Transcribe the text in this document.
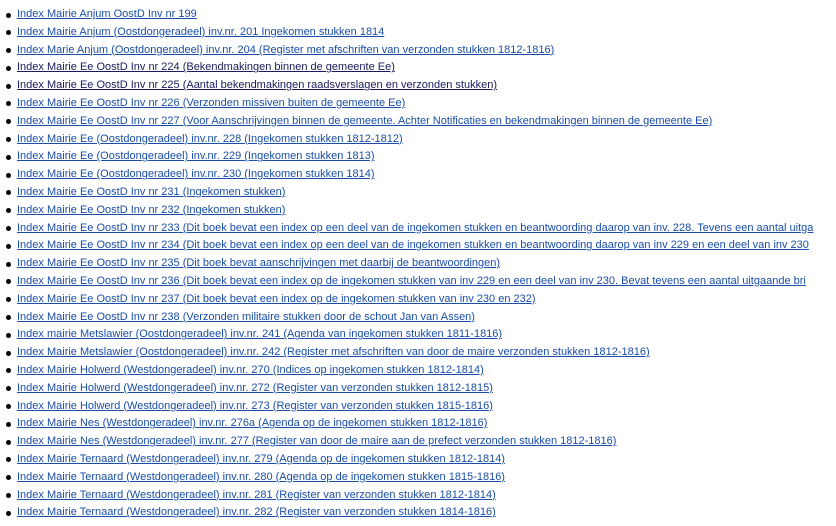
Index Mairie Anjum OostD Inv nr 199
Index Mairie Anjum (Oostdongeradeel) inv.nr. 201 Ingekomen stukken 1814
Index Marie Anjum (Oostdongeradeel) inv.nr. 204 (Register met afschriften van verzonden stukken 1812-1816)
Index Mairie Ee OostD Inv nr 224 (Bekendmakingen binnen de gemeente Ee)
Index Mairie Ee OostD Inv nr 225 (Aantal bekendmakingen raadsverslagen en verzonden stukken)
Index Mairie Ee OostD Inv nr 226 (Verzonden missiven buiten de gemeente Ee)
Index Mairie Ee OostD Inv nr 227 (Voor Aanschrijvingen binnen de gemeente. Achter Notificaties en bekendmakingen binnen de gemeente Ee)
Index Mairie Ee (Oostdongeradeel) inv.nr. 228 (Ingekomen stukken 1812-1812)
Index Mairie Ee (Oostdongeradeel) inv.nr. 229 (Ingekomen stukken 1813)
Index Mairie Ee (Oostdongeradeel) inv.nr. 230 (Ingekomen stukken 1814)
Index Mairie Ee OostD Inv nr 231 (Ingekomen stukken)
Index Mairie Ee OostD Inv nr 232 (Ingekomen stukken)
Index Mairie Ee OostD Inv nr 233 (Dit boek bevat een index op een deel van de ingekomen stukken en beantwoording daarop van inv. 228. Tevens een aantal uitga
Index Mairie Ee OostD Inv nr 234 (Dit boek bevat een index op een deel van de ingekomen stukken en beantwoording daarop van inv 229 en een deel van inv 230
Index Mairie Ee OostD Inv nr 235 (Dit boek bevat aanschrijvingen met daarbij de beantwoordingen)
Index Mairie Ee OostD Inv nr 236 (Dit boek bevat een index op de ingekomen stukken van inv 229 en een deel van inv 230. Bevat tevens een aantal uitgaande bri
Index Mairie Ee OostD Inv nr 237 (Dit boek bevat een index op de ingekomen stukken van inv 230 en 232)
Index Mairie Ee OostD Inv nr 238 (Verzonden militaire stukken door de schout Jan van Assen)
Index mairie Metslawier (Oostdongeradeel) inv.nr. 241 (Agenda van ingekomen stukken 1811-1816)
Index Mairie Metslawier (Oostdongeradeel) inv.nr. 242 (Register met afschriften van door de maire verzonden stukken 1812-1816)
Index Mairie Holwerd (Westdongeradeel) inv.nr. 270 (Indices op ingekomen stukken 1812-1814)
Index Mairie Holwerd (Westdongeradeel) inv.nr. 272 (Register van verzonden stukken 1812-1815)
Index Mairie Holwerd (Westdongeradeel) inv.nr. 273 (Register van verzonden stukken 1815-1816)
Index Mairie Nes (Westdongeradeel) inv.nr. 276a (Agenda op de ingekomen stukken 1812-1816)
Index Mairie Nes (Westdongeradeel) inv.nr. 277 (Register van door de maire aan de prefect verzonden stukken 1812-1816)
Index Mairie Ternaard (Westdongeradeel) inv.nr. 279 (Agenda op de ingekomen stukken 1812-1814)
Index Mairie Ternaard (Westdongeradeel) inv.nr. 280 (Agenda op de ingekomen stukken 1815-1816)
Index Mairie Ternaard (Westdongeradeel) inv.nr. 281 (Register van verzonden stukken 1812-1814)
Index Mairie Ternaard (Westdongeradeel) inv.nr. 282 (Register van verzonden stukken 1814-1816)
